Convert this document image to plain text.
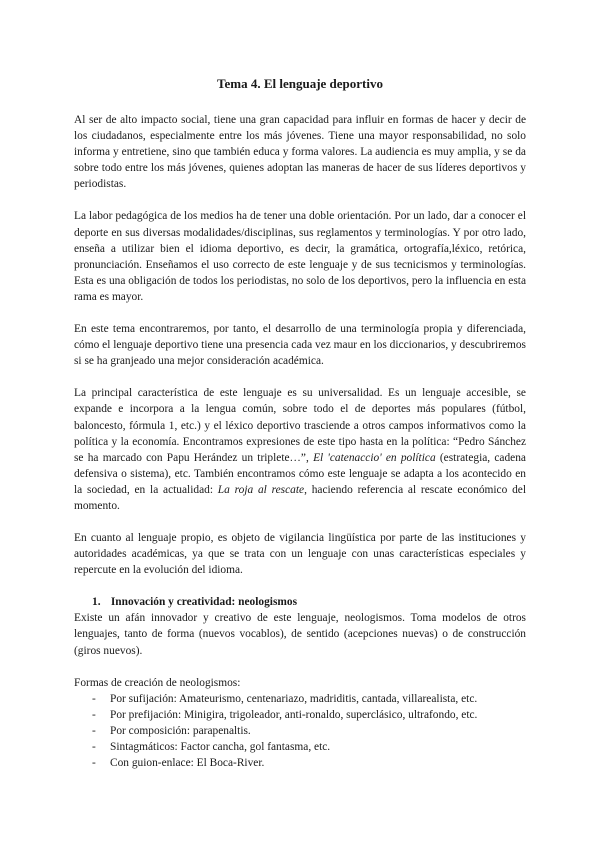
Tema 4. El lenguaje deportivo

Al ser de alto impacto social, tiene una gran capacidad para influir en formas de hacer y decir de los ciudadanos, especialmente entre los más jóvenes. Tiene una mayor responsabilidad, no solo informa y entretiene, sino que también educa y forma valores. La audiencia es muy amplia, y se da sobre todo entre los más jóvenes, quienes adoptan las maneras de hacer de sus líderes deportivos y periodistas.

La labor pedagógica de los medios ha de tener una doble orientación. Por un lado, dar a conocer el deporte en sus diversas modalidades/disciplinas, sus reglamentos y terminologías. Y por otro lado, enseña a utilizar bien el idioma deportivo, es decir, la gramática, ortografía,léxico, retórica, pronunciación. Enseñamos el uso correcto de este lenguaje y de sus tecnicismos y terminologías. Esta es una obligación de todos los periodistas, no solo de los deportivos, pero la influencia en esta rama es mayor.

En este tema encontraremos, por tanto, el desarrollo de una terminología propia y diferenciada, cómo el lenguaje deportivo tiene una presencia cada vez maur en los diccionarios, y descubriremos si se ha granjeado una mejor consideración académica.

La principal característica de este lenguaje es su universalidad. Es un lenguaje accesible, se expande e incorpora a la lengua común, sobre todo el de deportes más populares (fútbol, baloncesto, fórmula 1, etc.) y el léxico deportivo trasciende a otros campos informativos como la política y la economía. Encontramos expresiones de este tipo hasta en la política: “Pedro Sánchez se ha marcado con Papu Herández un triplete…”, El 'catenaccio' en política (estrategia, cadena defensiva o sistema), etc. También encontramos cómo este lenguaje se adapta a los acontecido en la sociedad, en la actualidad: La roja al rescate, haciendo referencia al rescate económico del momento.

En cuanto al lenguaje propio, es objeto de vigilancia lingüística por parte de las instituciones y autoridades académicas, ya que se trata con un lenguaje con unas características especiales y repercute en la evolución del idioma.

1. Innovación y creatividad: neologismos

Existe un afán innovador y creativo de este lenguaje, neologismos. Toma modelos de otros lenguajes, tanto de forma (nuevos vocablos), de sentido (acepciones nuevas) o de construcción (giros nuevos).

Formas de creación de neologismos:

- Por sufijación: Amateurismo, centenariazo, madriditis, cantada, villarealista, etc.
- Por prefijación: Minigira, trigoleador, anti-ronaldo, superclásico, ultrafondo, etc.
- Por composición: parapenaltis.
- Sintagmáticos: Factor cancha, gol fantasma, etc.
- Con guion-enlace: El Boca-River.
